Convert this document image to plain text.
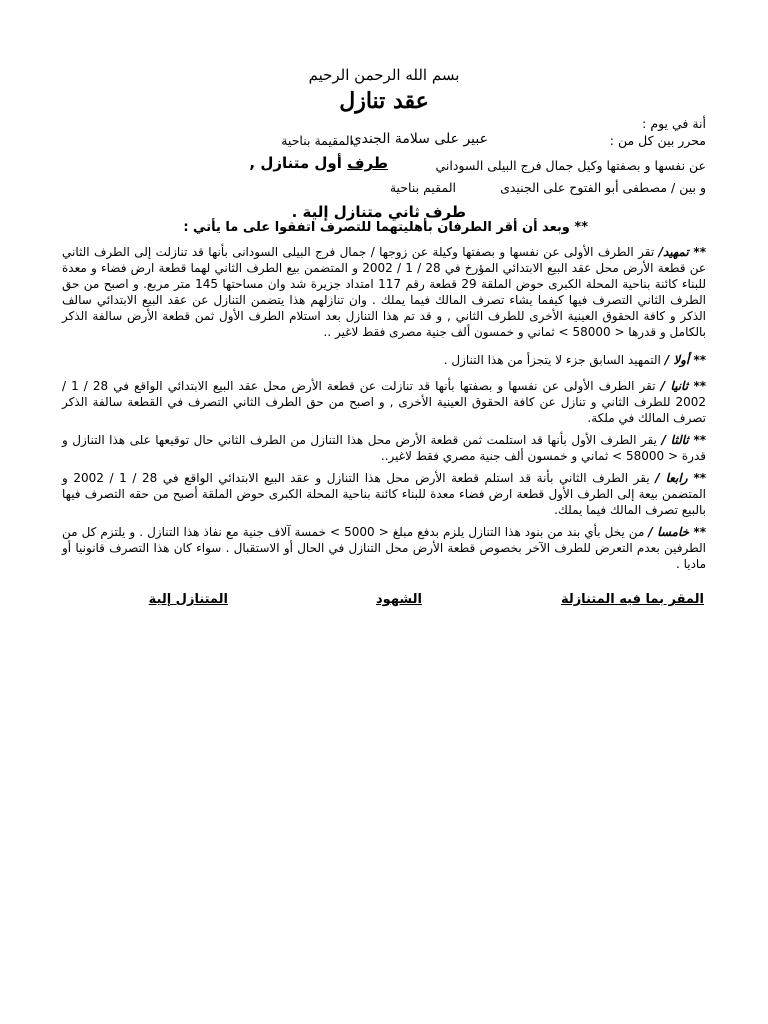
بسم الله الرحمن الرحيم
عقد تنازل
أنة في يوم :
محرر بين كل من :
عبير على سلامة الجندي
المقيمة بناحية
عن نفسها و بصفتها وكيل جمال فرج البيلى السوداني
طرف أول متنازل ,
و بين / مصطفى أبو الفتوح على الجنيدى
المقيم بناحية
طرف ثاني متنازل إلية .
** وبعد أن أقر الطرفان بأهليتهما للتصرف اتفقوا على ما يأتي :
** تمهيد/ تقر الطرف الأولى عن نفسها و بصفتها وكيلة عن زوجها / جمال فرج البيلى السودانى بأنها قد تنازلت إلى الطرف الثاني عن قطعة الأرض محل عقد البيع الابتدائي المؤرخ في 28 / 1 / 2002 و المتضمن بيع الطرف الثاني لهما قطعة ارض فضاء و معدة للبناء كائنة بناحية المحلة الكبرى حوض الملقة 29 قطعة رقم 117 امتداد جزيرة شد وان مساحتها 145 متر مربع. و اصبح من حق الطرف الثاني التصرف فيها كيفما يشاء تصرف المالك فيما يملك . وان تنازلهم هذا يتضمن التنازل عن عقد البيع الابتدائي سالف الذكر و كافة الحقوق العينية الأخرى للطرف الثاني , و قد تم هذا التنازل بعد استلام الطرف الأول ثمن قطعة الأرض سالفة الذكر بالكامل و قدرها < 58000 > ثماني و خمسون ألف جنية مصرى فقط لاغير ..
** أولا / التمهيد السابق جزء لا يتجزأ من هذا التنازل .
** ثانيا / تقر الطرف الأولى عن نفسها و بصفتها بأنها قد تنازلت عن قطعة الأرض محل عقد البيع الابتدائي الواقع في 28 / 1 / 2002 للطرف الثاني و تنازل عن كافة الحقوق العينية الأخرى , و اصبح من حق الطرف الثاني التصرف في القطعة سالفة الذكر تصرف المالك في ملكة.
** ثالثا / يقر الطرف الأول بأنها قد استلمت ثمن قطعة الأرض محل هذا التنازل من الطرف الثاني حال توقيعها على هذا التنازل و قدرة < 58000 > ثماني و خمسون ألف جنية مصري فقط لاغير..
** رابعا / يقر الطرف الثاني بأنة قد استلم قطعة الأرض محل هذا التنازل و عقد البيع الابتدائي الواقع في 28 / 1 / 2002 و المتضمن بيعة إلى الطرف الأول قطعة ارض فضاء معدة للبناء كائنة بناحية المحلة الكبرى حوض الملقة أصبح من حقه التصرف فيها بالبيع تصرف المالك فيما يملك.
** خامسا / من يخل بأي بند من بنود هذا التنازل يلزم بدفع مبلغ < 5000 > خمسة آلاف جنية مع نفاذ هذا التنازل . و يلتزم كل من الطرفين بعدم التعرض للطرف الآخر بخصوص قطعة الأرض محل التنازل في الحال أو الاستقبال . سواء كان هذا التصرف قانونيا أو ماديا .
المقر بما فيه المتنازلة
الشهود
المتنازل إلية
